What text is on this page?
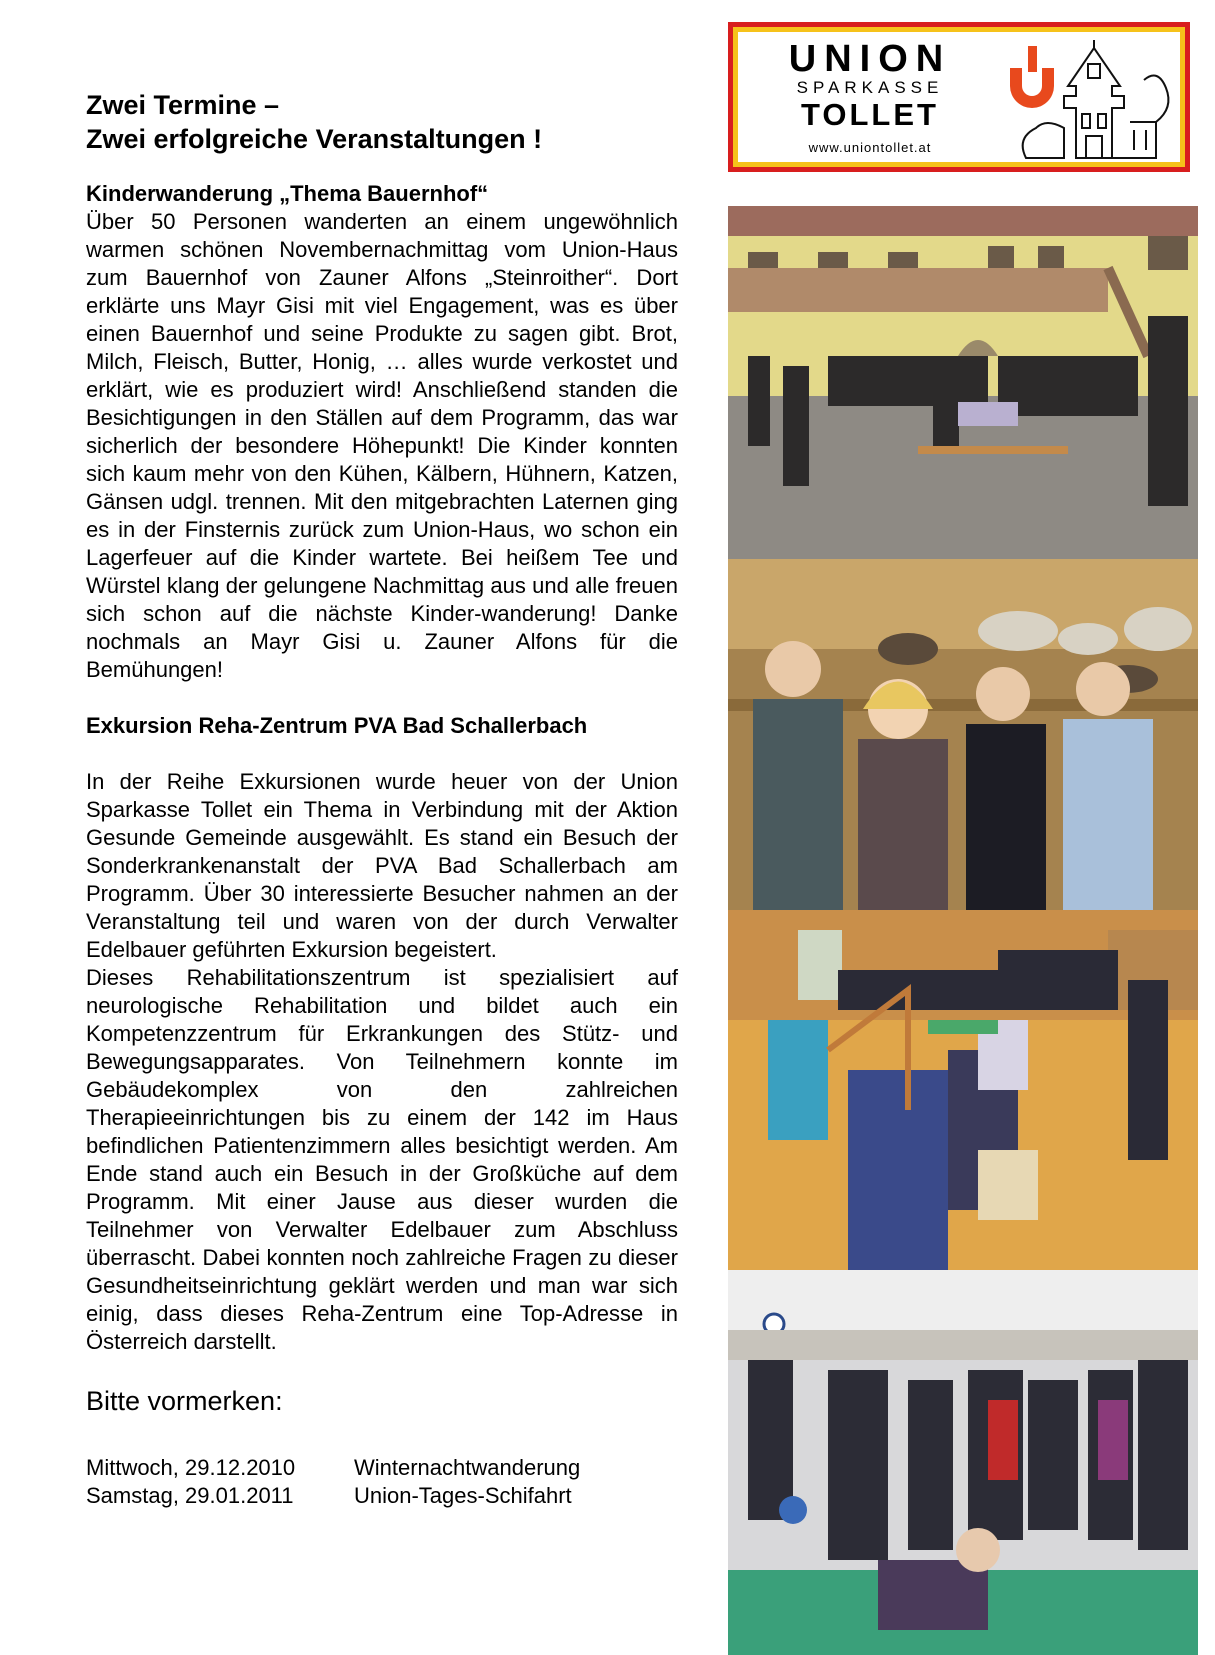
Zwei Termine –
Zwei erfolgreiche Veranstaltungen !
Kinderwanderung „Thema Bauernhof“

Über 50 Personen wanderten an einem ungewöhnlich warmen schönen Novembernachmittag vom Union-Haus zum Bauernhof von Zauner Alfons „Steinroither“. Dort erklärte uns Mayr Gisi mit viel Engagement, was es über einen Bauernhof und seine Produkte zu sagen gibt. Brot, Milch, Fleisch, Butter, Honig, … alles wurde verkostet und erklärt, wie es produziert wird! Anschließend standen die Besichtigungen in den Ställen auf dem Programm, das war sicherlich der besondere Höhepunkt! Die Kinder konnten sich kaum mehr von den Kühen, Kälbern, Hühnern, Katzen, Gänsen udgl. trennen. Mit den mitgebrachten Laternen ging es in der Finsternis zurück zum Union-Haus, wo schon ein Lagerfeuer auf die Kinder wartete. Bei heißem Tee und Würstel klang der gelungene Nachmittag aus und alle freuen sich schon auf die nächste Kinder-wanderung! Danke nochmals an Mayr Gisi u. Zauner Alfons für die Bemühungen!

Exkursion Reha-Zentrum PVA Bad Schallerbach

In der Reihe Exkursionen wurde heuer von der Union Sparkasse Tollet ein Thema in Verbindung mit der Aktion Gesunde Gemeinde ausgewählt. Es stand ein Besuch der Sonderkrankenanstalt der PVA Bad Schallerbach am Programm. Über 30 interessierte Besucher nahmen an der Veranstaltung teil und waren von der durch Verwalter Edelbauer geführten Exkursion begeistert.

Dieses Rehabilitationszentrum ist spezialisiert auf neurologische Rehabilitation und bildet auch ein Kompetenzzentrum für Erkrankungen des Stütz- und Bewegungsapparates. Von Teilnehmern konnte im Gebäudekomplex von den zahlreichen Therapieeinrichtungen bis zu einem der 142 im Haus befindlichen Patientenzimmern alles besichtigt werden. Am Ende stand auch ein Besuch in der Großküche auf dem Programm. Mit einer Jause aus dieser wurden die Teilnehmer von Verwalter Edelbauer zum Abschluss überrascht. Dabei konnten noch zahlreiche Fragen zu dieser Gesundheitseinrichtung geklärt werden und man war sich einig, dass dieses Reha-Zentrum eine Top-Adresse in Österreich darstellt.

Bitte vormerken:
Mittwoch, 29.12.2010	Winternachtwanderung
Samstag, 29.01.2011	Union-Tages-Schifahrt
UNION
SPARKASSE
TOLLET
www.uniontollet.at
